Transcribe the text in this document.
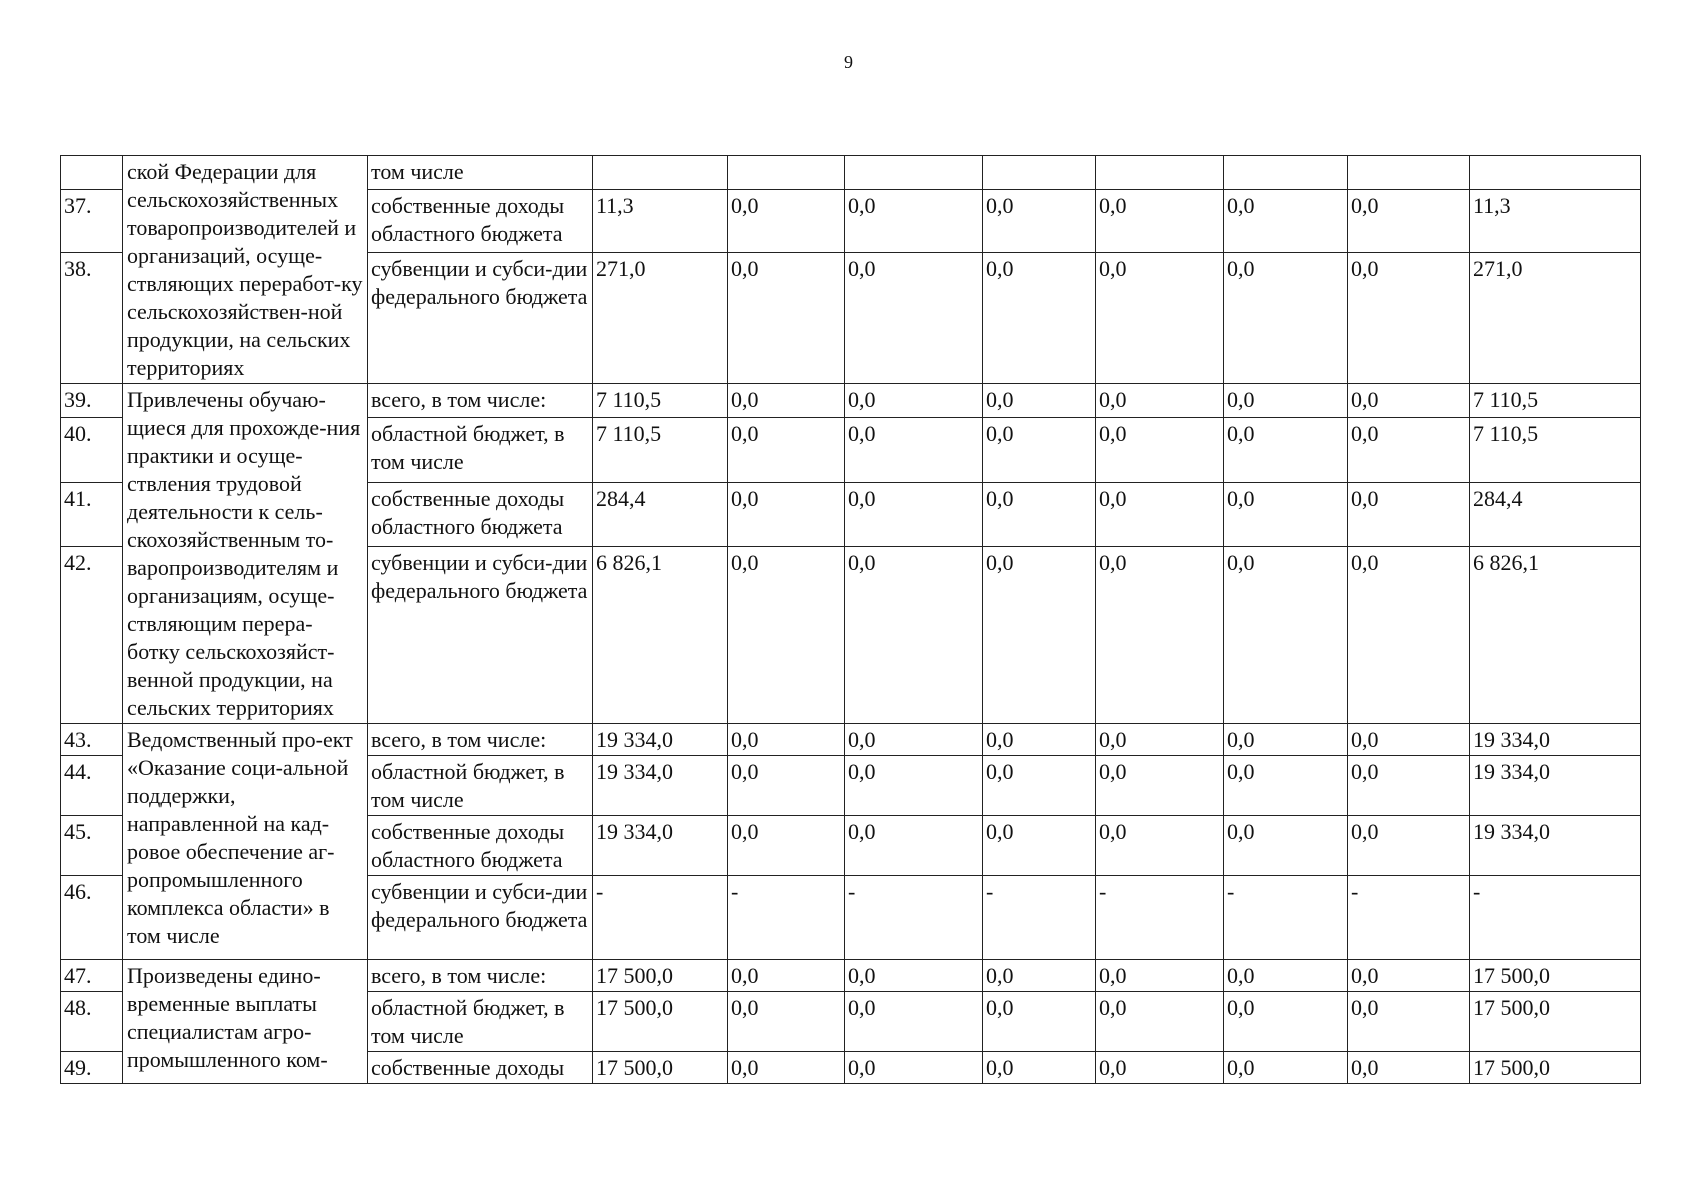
9
	ской Федерации для сельскохозяйственных товаропроизводителей и организаций, осуще-ствляющих переработ-ку сельскохозяйствен-ной продукции, на сельских территориях	том числе								
37.		собственные доходы областного бюджета	11,3	0,0	0,0	0,0	0,0	0,0	0,0	11,3
38.		субвенции и субси-дии федерального бюджета	271,0	0,0	0,0	0,0	0,0	0,0	0,0	271,0
39.	Привлечены обучаю-щиеся для прохожде-ния практики и осуще-ствления трудовой деятельности к сель-скохозяйственным то-варопроизводителям и организациям, осуще-ствляющим перера-ботку сельскохозяйст-венной продукции, на сельских территориях	всего, в том числе:	7 110,5	0,0	0,0	0,0	0,0	0,0	0,0	7 110,5
40.		областной бюджет, в том числе	7 110,5	0,0	0,0	0,0	0,0	0,0	0,0	7 110,5
41.		собственные доходы областного бюджета	284,4	0,0	0,0	0,0	0,0	0,0	0,0	284,4
42.		субвенции и субси-дии федерального бюджета	6 826,1	0,0	0,0	0,0	0,0	0,0	0,0	6 826,1
43.	Ведомственный про-ект «Оказание соци-альной поддержки, направленной на кад-ровое обеспечение аг-ропромышленного комплекса области» в том числе	всего, в том числе:	19 334,0	0,0	0,0	0,0	0,0	0,0	0,0	19 334,0
44.		областной бюджет, в том числе	19 334,0	0,0	0,0	0,0	0,0	0,0	0,0	19 334,0
45.		собственные доходы областного бюджета	19 334,0	0,0	0,0	0,0	0,0	0,0	0,0	19 334,0
46.		субвенции и субси-дии федерального бюджета	-	-	-	-	-	-	-	-
47.	Произведены едино-временные выплаты специалистам агро-промышленного ком-	всего, в том числе:	17 500,0	0,0	0,0	0,0	0,0	0,0	0,0	17 500,0
48.		областной бюджет, в том числе	17 500,0	0,0	0,0	0,0	0,0	0,0	0,0	17 500,0
49.		собственные доходы	17 500,0	0,0	0,0	0,0	0,0	0,0	0,0	17 500,0
